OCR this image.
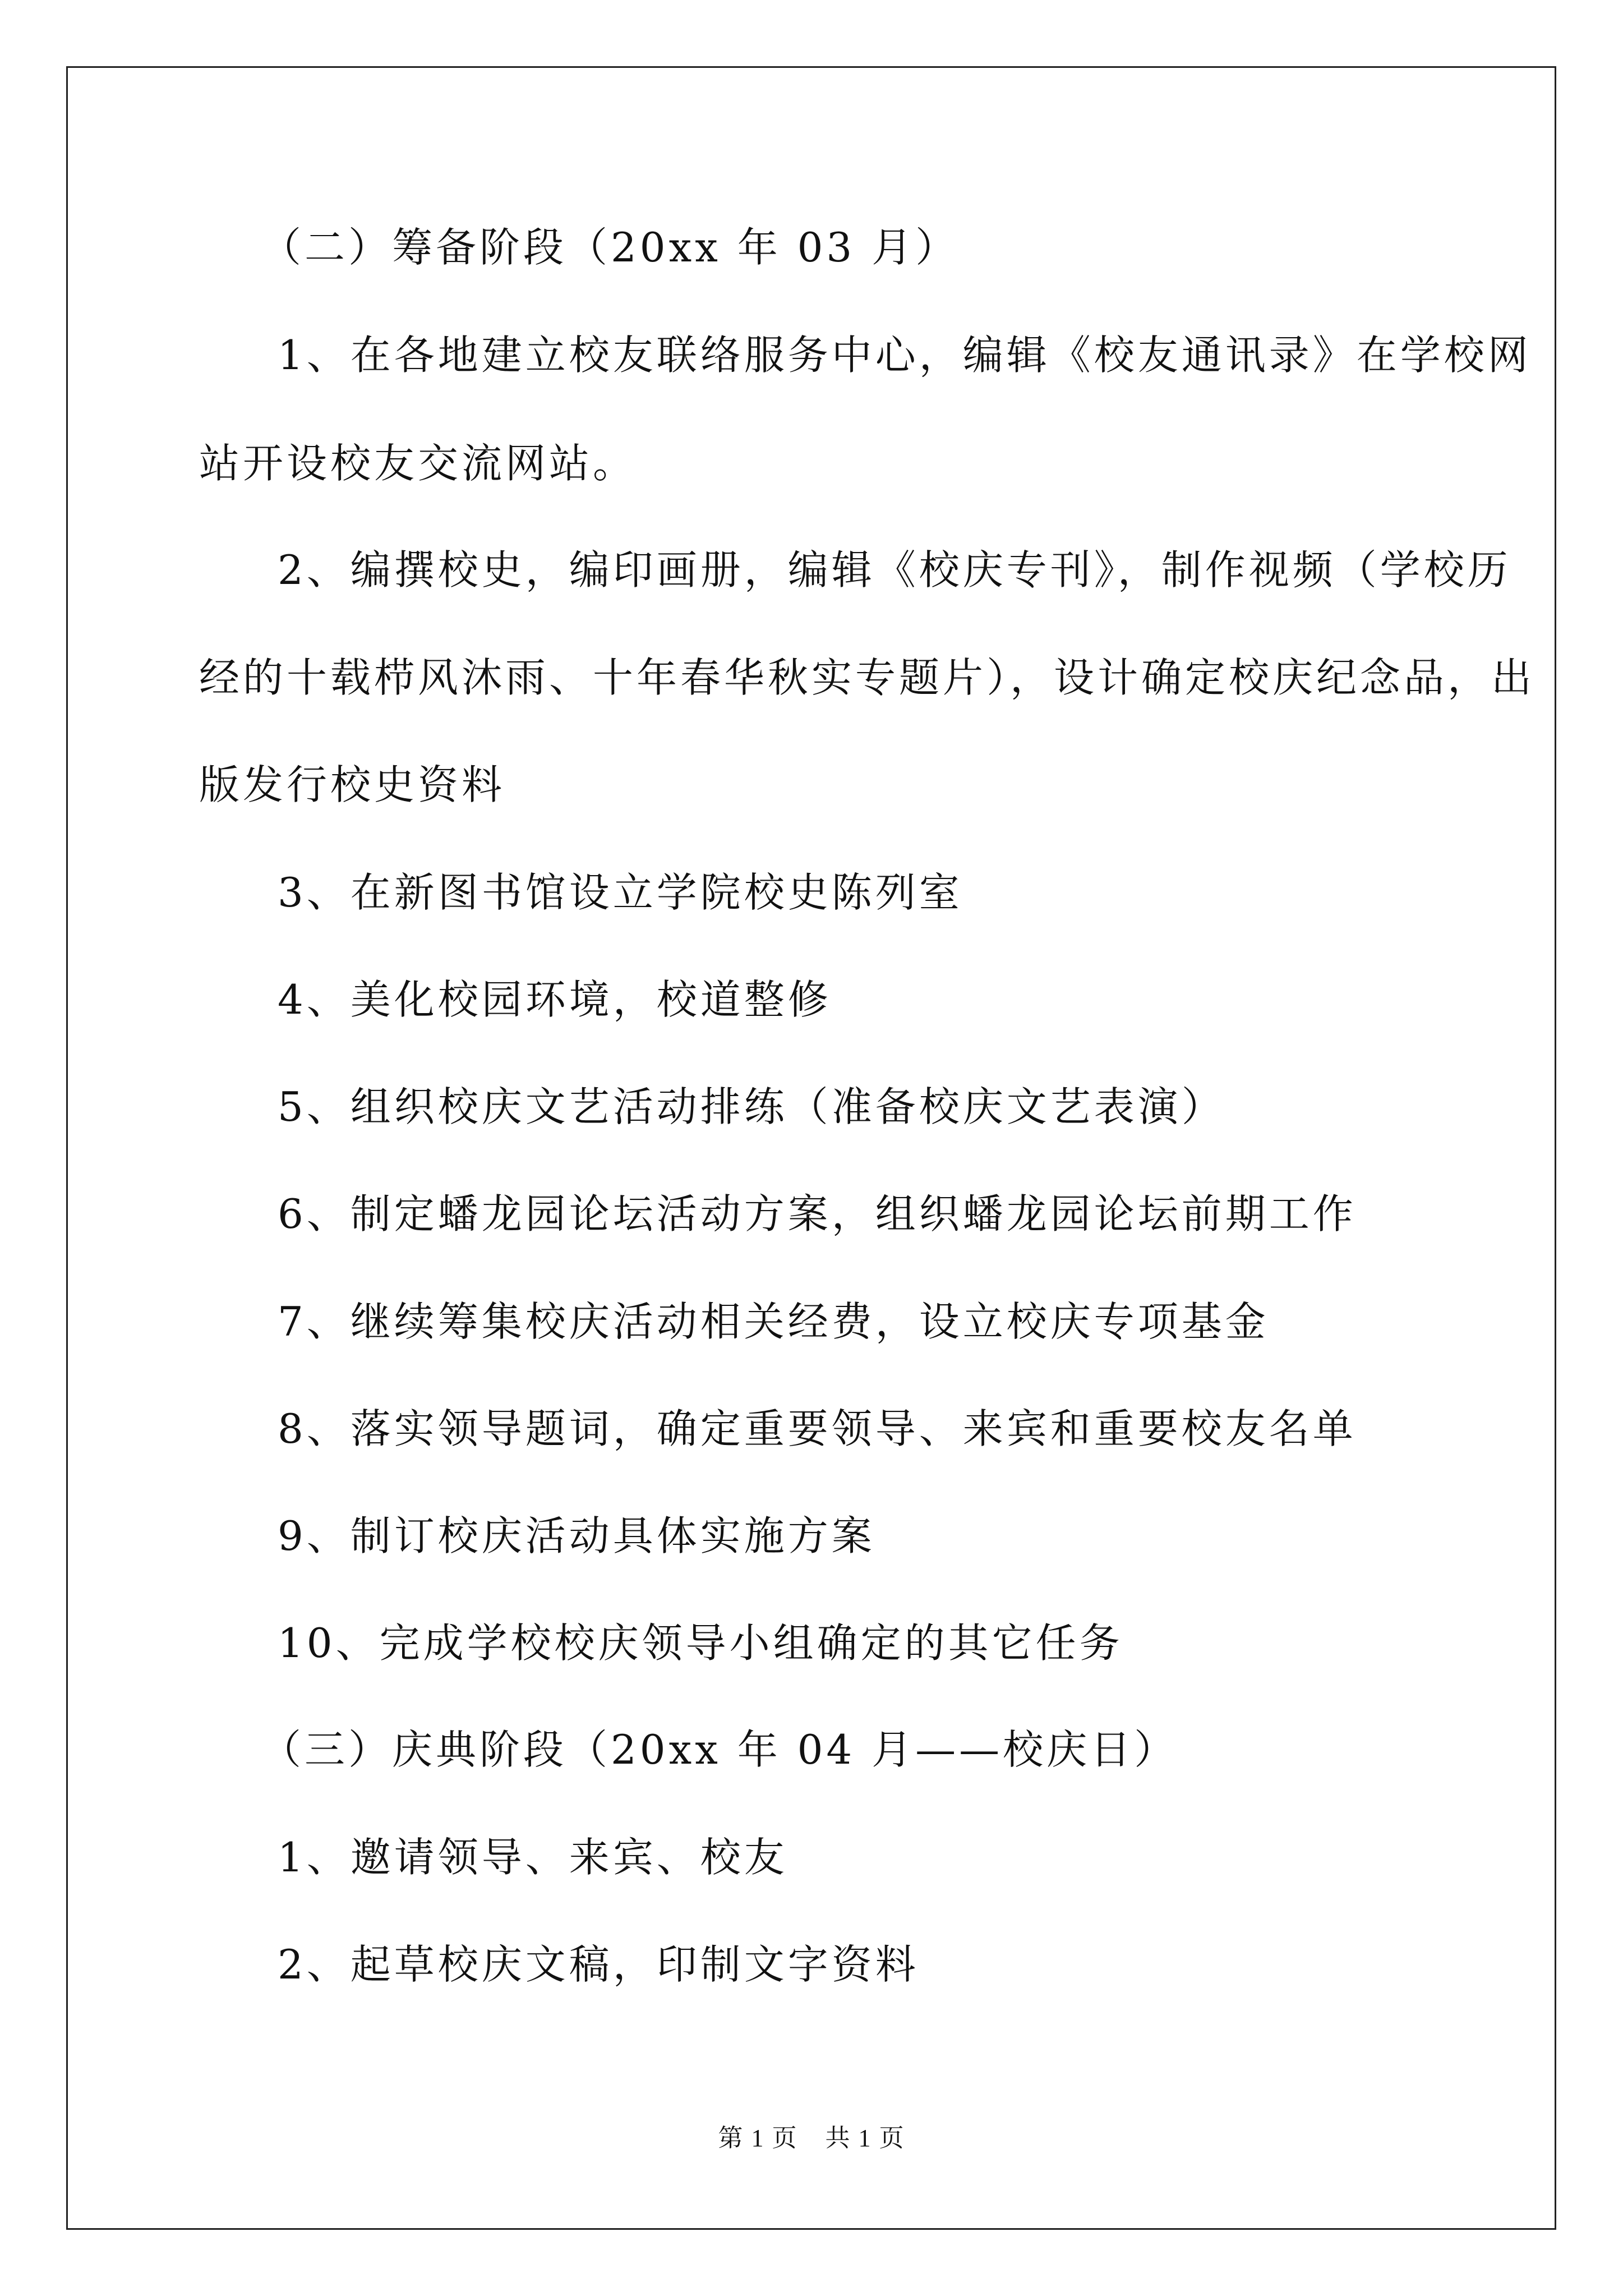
（二）筹备阶段（20xx 年 03 月）
1、在各地建立校友联络服务中心，编辑《校友通讯录》在学校网
站开设校友交流网站。
2、编撰校史，编印画册，编辑《校庆专刊》，制作视频（学校历
经的十载栉风沐雨、十年春华秋实专题片），设计确定校庆纪念品，出
版发行校史资料
3、在新图书馆设立学院校史陈列室
4、美化校园环境，校道整修
5、组织校庆文艺活动排练（准备校庆文艺表演）
6、制定蟠龙园论坛活动方案，组织蟠龙园论坛前期工作
7、继续筹集校庆活动相关经费，设立校庆专项基金
8、落实领导题词，确定重要领导、来宾和重要校友名单
9、制订校庆活动具体实施方案
10、完成学校校庆领导小组确定的其它任务
（三）庆典阶段（20xx 年 04 月——校庆日）
1、邀请领导、来宾、校友
2、起草校庆文稿，印制文字资料
第 1 页 共 1 页
